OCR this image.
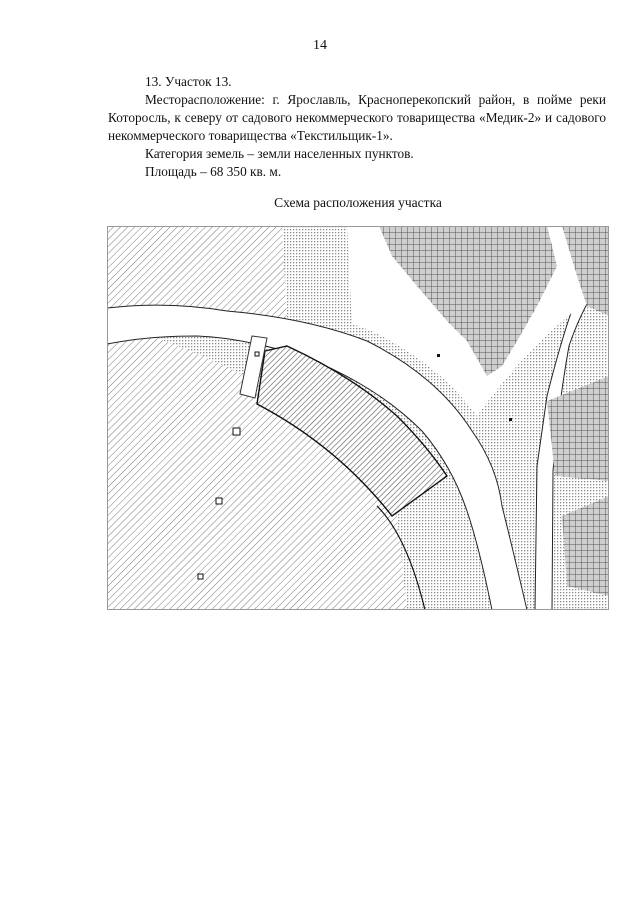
14

13. Участок 13.

Месторасположение: г. Ярославль, Красноперекопский район, в пойме реки Которосль, к северу от садового некоммерческого товарищества «Медик-2» и садового некоммерческого товарищества «Текстильщик-1».

Категория земель – земли населенных пунктов.

Площадь – 68 350 кв. м.

Схема расположения участка
